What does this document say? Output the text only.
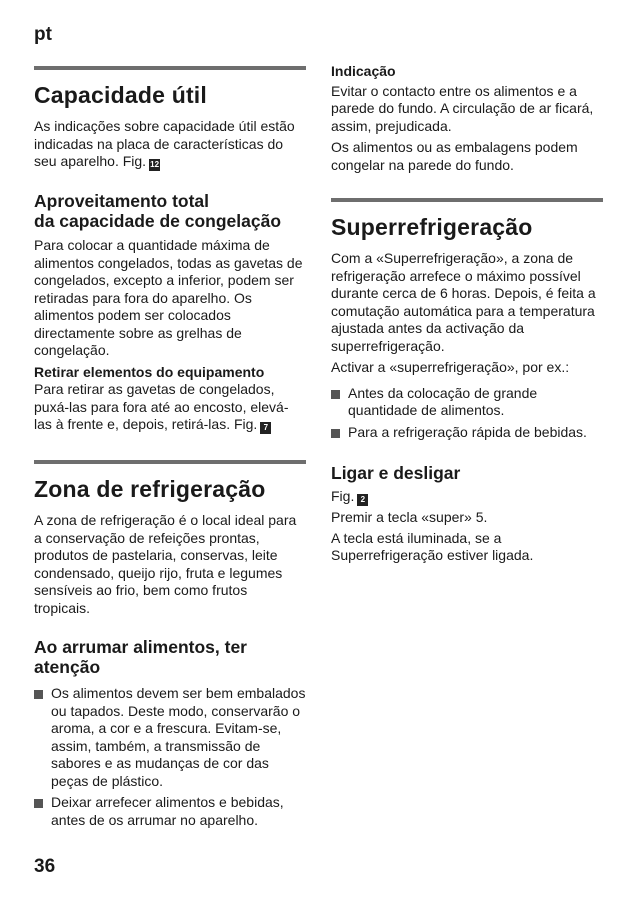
pt
Capacidade útil

As indicações sobre capacidade útil estão indicadas na placa de características do seu aparelho. Fig. 12

Aproveitamento total
da capacidade de congelação

Para colocar a quantidade máxima de alimentos congelados, todas as gavetas de congelados, excepto a inferior, podem ser retiradas para fora do aparelho. Os alimentos podem ser colocados directamente sobre as grelhas de congelação.

Retirar elementos do equipamento

Para retirar as gavetas de congelados, puxá-las para fora até ao encosto, elevá-las à frente e, depois, retirá-las. Fig. 7

Zona de refrigeração

A zona de refrigeração é o local ideal para a conservação de refeições prontas, produtos de pastelaria, conservas, leite condensado, queijo rijo, fruta e legumes sensíveis ao frio, bem como frutos tropicais.

Ao arrumar alimentos, ter atenção
Os alimentos devem ser bem embalados ou tapados. Deste modo, conservarão o aroma, a cor e a frescura. Evitam-se, assim, também, a transmissão de sabores e as mudanças de cor das peças de plástico.
Deixar arrefecer alimentos e bebidas, antes de os arrumar no aparelho.
Indicação

Evitar o contacto entre os alimentos e a parede do fundo. A circulação de ar ficará, assim, prejudicada.

Os alimentos ou as embalagens podem congelar na parede do fundo.

Superrefrigeração

Com a «Superrefrigeração», a zona de refrigeração arrefece o máximo possível durante cerca de 6 horas. Depois, é feita a comutação automática para a temperatura ajustada antes da activação da superrefrigeração.

Activar a «superrefrigeração», por ex.:

Antes da colocação de grande quantidade de alimentos.
Para a refrigeração rápida de bebidas.
Ligar e desligar

Fig. 2

Premir a tecla «super» 5.

A tecla está iluminada, se a Superrefrigeração estiver ligada.

36
